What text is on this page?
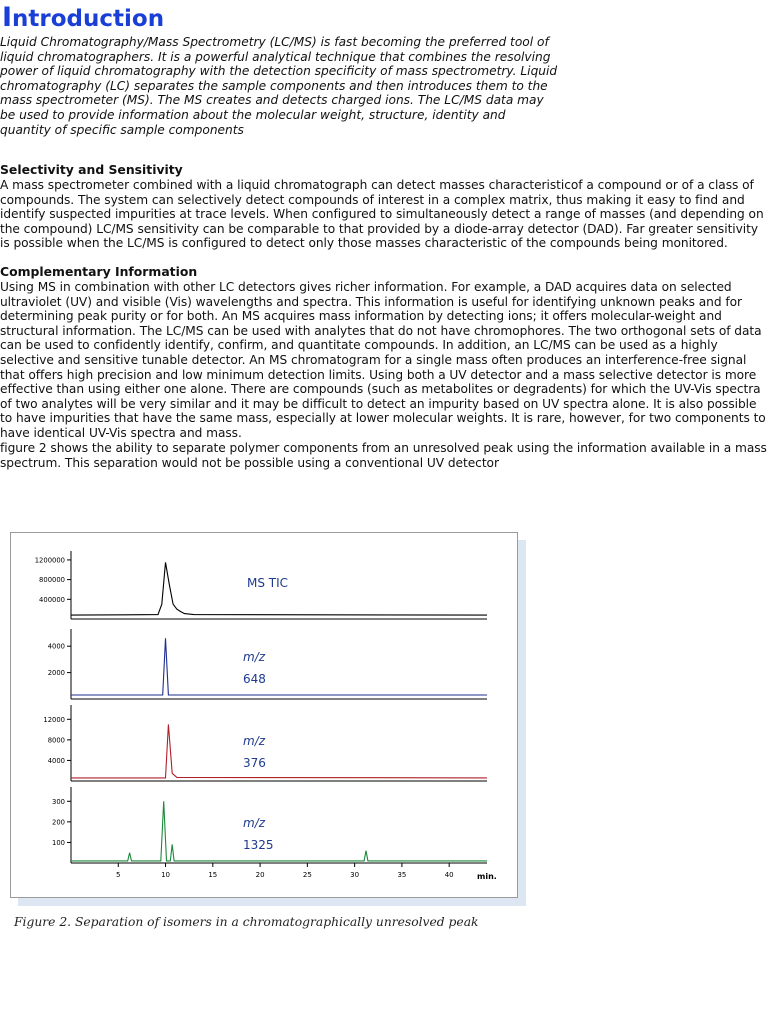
Introduction

Liquid Chromatography/Mass Spectrometry (LC/MS) is fast becoming the preferred tool of liquid chromatographers. It is a powerful analytical technique that combines the resolving power of liquid chromatography with the detection specificity of mass spectrometry. Liquid chromatography (LC) separates the sample components and then introduces them to the mass spectrometer (MS). The MS creates and detects charged ions. The LC/MS data may be used to provide information about the molecular weight, structure, identity and quantity of specific sample components

Selectivity and Sensitivity

A mass spectrometer combined with a liquid chromatograph can detect masses characteristicof a compound or of a class of compounds. The system can selectively detect compounds of interest in a complex matrix, thus making it easy to find and identify suspected impurities at trace levels. When configured to simultaneously detect a range of masses (and depending on the compound) LC/MS sensitivity can be comparable to that provided by a diode-array detector (DAD). Far greater sensitivity is possible when the LC/MS is configured to detect only those masses characteristic of the compounds being monitored.

Complementary Information

Using MS in combination with other LC detectors gives richer information. For example, a DAD acquires data on selected ultraviolet (UV) and visible (Vis) wavelengths and spectra. This information is useful for identifying unknown peaks and for determining peak purity or for both. An MS acquires mass information by detecting ions; it offers molecular-weight and structural information. The LC/MS can be used with analytes that do not have chromophores. The two orthogonal sets of data can be used to confidently identify, confirm, and quantitate compounds. In addition, an LC/MS can be used as a highly selective and sensitive tunable detector. An MS chromatogram for a single mass often produces an interference-free signal that offers high precision and low minimum detection limits. Using both a UV detector and a mass selective detector is more effective than using either one alone. There are compounds (such as metabolites or degradents) for which the UV-Vis spectra of two analytes will be very similar and it may be difficult to detect an impurity based on UV spectra alone. It is also possible to have impurities that have the same mass, especially at lower molecular weights. It is rare, however, for two components to have identical UV-Vis spectra and mass.

figure 2 shows the ability to separate polymer components from an unresolved peak using the information available in a mass spectrum. This separation would not be possible using a conventional UV detector

1200000
800000
400000
MS TIC
4000
2000
m/z
648
12000
8000
4000
m/z
376
300
200
100
m/z
1325
5	10	15	20	25	30	35	40	min.

Figure 2. Separation of isomers in a chromatographically unresolved peak
